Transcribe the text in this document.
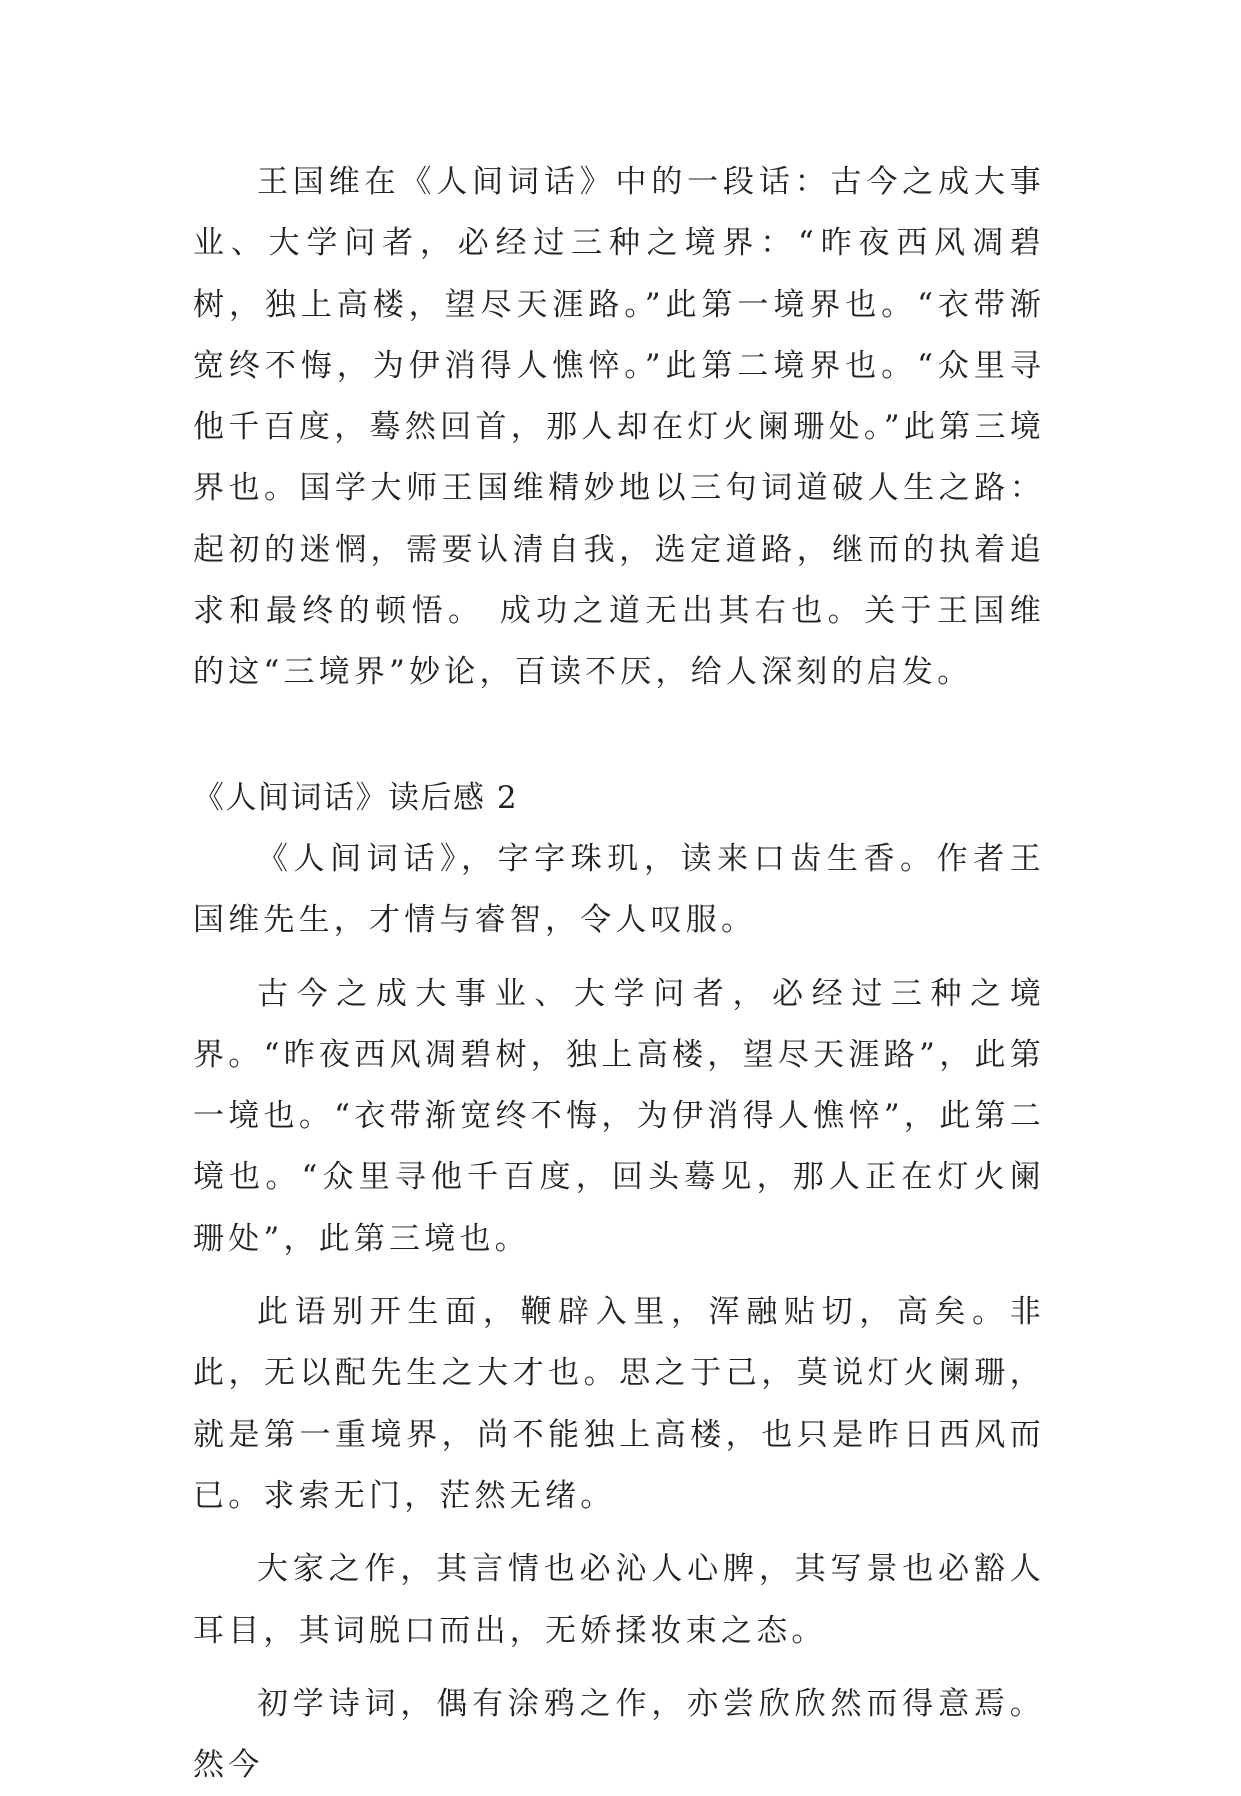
王国维在《人间词话》中的一段话：古今之成大事业、大学问者，必经过三种之境界：“昨夜西风凋碧树，独上高楼，望尽天涯路。”此第一境界也。“衣带渐宽终不悔，为伊消得人憔悴。”此第二境界也。“众里寻他千百度，蓦然回首，那人却在灯火阑珊处。”此第三境界也。国学大师王国维精妙地以三句词道破人生之路：起初的迷惘，需要认清自我，选定道路，继而的执着追求和最终的顿悟。 成功之道无出其右也。关于王国维的这“三境界”妙论，百读不厌，给人深刻的启发。

《人间词话》读后感 2

《人间词话》，字字珠玑，读来口齿生香。作者王国维先生，才情与睿智，令人叹服。

古今之成大事业、大学问者，必经过三种之境界。“昨夜西风凋碧树，独上高楼，望尽天涯路”，此第一境也。“衣带渐宽终不悔，为伊消得人憔悴”，此第二境也。“众里寻他千百度，回头蓦见，那人正在灯火阑珊处”，此第三境也。

此语别开生面，鞭辟入里，浑融贴切，高矣。非此，无以配先生之大才也。思之于己，莫说灯火阑珊，就是第一重境界，尚不能独上高楼，也只是昨日西风而已。求索无门，茫然无绪。

大家之作，其言情也必沁人心脾，其写景也必豁人耳目，其词脱口而出，无娇揉妆束之态。

初学诗词，偶有涂鸦之作，亦尝欣欣然而得意焉。然今
